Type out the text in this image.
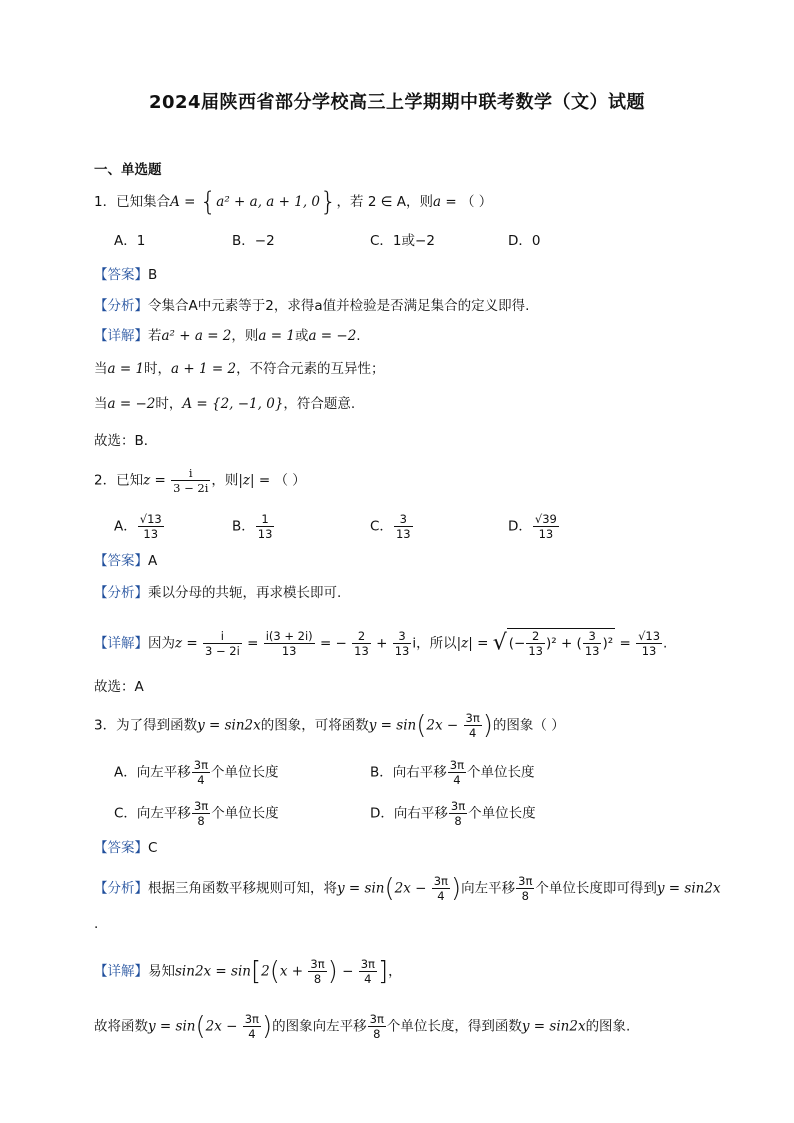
2024届陕西省部分学校高三上学期期中联考数学（文）试题
一、单选题
1．已知集合A = {a² + a, a + 1, 0}，若 2 ∈ A，则a = （ ）
A．1	B．−2	C．1或−2	D．0
【答案】B
【分析】令集合A中元素等于2，求得a值并检验是否满足集合的定义即得.
【详解】若a² + a = 2，则a = 1或a = −2.
当a = 1时，a + 1 = 2，不符合元素的互异性；
当a = −2时，A = {2, −1, 0}，符合题意.
故选：B．
2．已知$z = \frac{i}{3 - 2i}$ ，则|z| = （ ）
A． $\frac{√13}{13}$	B． $\frac{1}{13}$	C． $\frac{3}{13}$	D． $\frac{√39}{13}$
【答案】A
【分析】乘以分母的共轭，再求模长即可.
【详解】因为$z = \frac{i}{3 - 2i} = \frac{i(3 + 2i)}{13}$ = − $\frac{2}{13} + \frac{3}{13}$ i，所以|z| = √ (− $\frac{2}{13} )^2$ + ( $\frac{3}{13} )^2 = \frac{√13}{13}$ .
故选：A
3．为了得到函数y = sin2x的图象，可将函数$y = \sin(2x - \frac{3\pi}{4}$ )的图象（ ）
A．向左平移 $\frac{3\pi}{4}$ 个单位长度	B．向右平移 $\frac{3\pi}{4}$ 个单位长度
C．向左平移 $\frac{3\pi}{8}$ 个单位长度	D．向右平移 $\frac{3\pi}{8}$ 个单位长度
【答案】C
【分析】根据三角函数平移规则可知，将$y = \sin(2x - \frac{3\pi}{4}$ )向左平移 $\frac{3\pi}{8}$ 个单位长度即可得到y = sin2x
.
【详解】易知$\sin 2x = \sin[2(x + \frac{3\pi}{8}$ ) − $\frac{3\pi}{4}$ ]，
故将函数$y = \sin(2x - \frac{3\pi}{4}$ )的图象向左平移 $\frac{3\pi}{8}$ 个单位长度，得到函数y = sin2x的图象.
